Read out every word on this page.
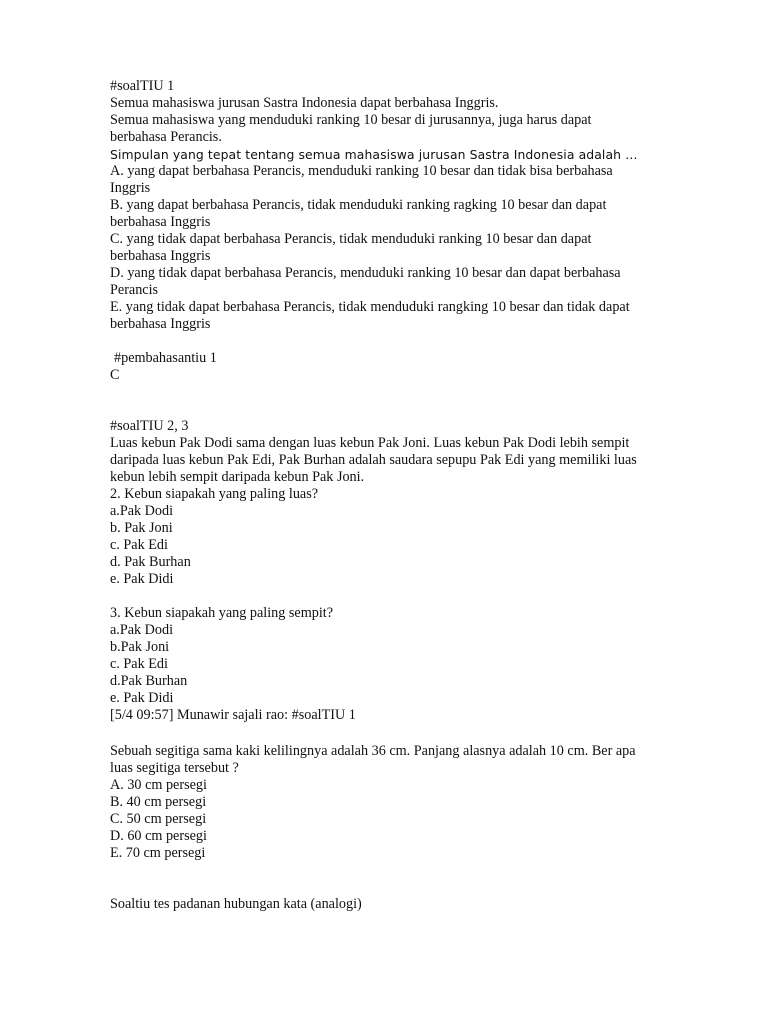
#soalTIU 1
Semua mahasiswa jurusan Sastra Indonesia dapat berbahasa Inggris.
Semua mahasiswa yang menduduki ranking 10 besar di jurusannya, juga harus dapat
berbahasa Perancis.
Simpulan yang tepat tentang semua mahasiswa jurusan Sastra Indonesia adalah …
A. yang dapat berbahasa Perancis, menduduki ranking 10 besar dan tidak bisa berbahasa
Inggris
B. yang dapat berbahasa Perancis, tidak menduduki ranking ragking 10 besar dan dapat
berbahasa Inggris
C. yang tidak dapat berbahasa Perancis, tidak menduduki ranking 10 besar dan dapat
berbahasa Inggris
D. yang tidak dapat berbahasa Perancis, menduduki ranking 10 besar dan dapat berbahasa
Perancis
E. yang tidak dapat berbahasa Perancis, tidak menduduki rangking 10 besar dan tidak dapat
berbahasa Inggris
#pembahasantiu 1
C
#soalTIU 2, 3
Luas kebun Pak Dodi sama dengan luas kebun Pak Joni. Luas kebun Pak Dodi lebih sempit
daripada luas kebun Pak Edi, Pak Burhan adalah saudara sepupu Pak Edi yang memiliki luas
kebun lebih sempit daripada kebun Pak Joni.
2. Kebun siapakah yang paling luas?
a.Pak Dodi
b. Pak Joni
c. Pak Edi
d. Pak Burhan
e. Pak Didi
3. Kebun siapakah yang paling sempit?
a.Pak Dodi
b.Pak Joni
c. Pak Edi
d.Pak Burhan
e. Pak Didi
[5/4 09:57] Munawir sajali rao: #soalTIU 1
Sebuah segitiga sama kaki kelilingnya adalah 36 cm. Panjang alasnya adalah 10 cm. Ber apa
luas segitiga tersebut ?
A. 30 cm persegi
B. 40 cm persegi
C. 50 cm persegi
D. 60 cm persegi
E. 70 cm persegi
Soaltiu tes padanan hubungan kata (analogi)
